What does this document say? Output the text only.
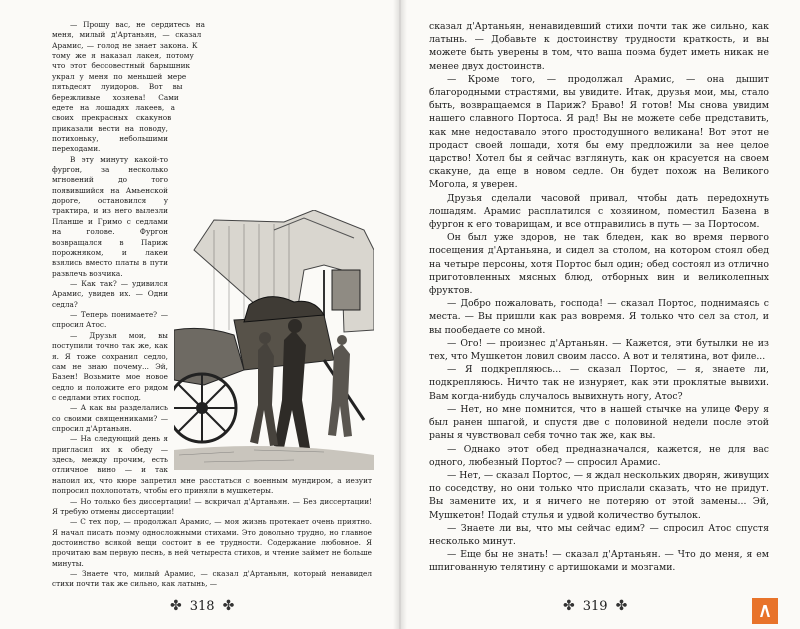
— Прошу вас, не сердитесь на меня, милый д'Артаньян, — сказал Арамис, — голод не знает закона. К тому же я наказал лакея, потому что этот бессовестный барышник украл у меня по меньшей мере пятьдесят луидоров. Вот вы бережливые хозяева! Сами едете на лошадях лакеев, а своих прекрасных скакунов приказали вести на поводу, потихоньку, небольшими переходами.

В эту минуту какой-то фургон, за несколько мгновений до того появившийся на Амьенской дороге, остановился у трактира, и из него вылезли Планше и Гримо с седлами на голове. Фургон возвращался в Париж порожняком, и лакеи взялись вместо платы в пути развлечь возчика.

— Как так? — удивился Арамис, увидев их. — Одни седла?

— Теперь понимаете? — спросил Атос.

— Друзья мои, вы поступили точно так же, как я. Я тоже сохранил седло, сам не знаю почему... Эй, Базен! Возьмите мое новое седло и положите его рядом с седлами этих господ.

— А как вы разделались со своими священниками? — спросил д'Артаньян.

— На следующий день я пригласил их к обеду — здесь, между прочим, есть отличное вино — и так напоил их, что кюре запретил мне расстаться с военным мундиром, а иезуит попросил похлопотать, чтобы его приняли в мушкетеры.

— Но только без диссертации! — вскричал д'Артаньян. — Без диссертации! Я требую отмены диссертации!

— С тех пор, — продолжал Арамис, — моя жизнь протекает очень приятно. Я начал писать поэму односложными стихами. Это довольно трудно, но главное достоинство всякой вещи состоит в ее трудности. Содержание любовное. Я прочитаю вам первую песнь, в ней четыреста стихов, и чтение займет не больше минуты.

— Знаете что, милый Арамис, — сказал д'Артаньян, который ненавидел стихи почти так же сильно, как латынь, —

✤ 318 ✤

сказал д'Артаньян, ненавидевший стихи почти так же сильно, как латынь. — Добавьте к достоинству трудности краткость, и вы можете быть уверены в том, что ваша поэма будет иметь никак не менее двух достоинств.

— Кроме того, — продолжал Арамис, — она дышит благородными страстями, вы увидите. Итак, друзья мои, мы, стало быть, возвращаемся в Париж? Браво! Я готов! Мы снова увидим нашего славного Портоса. Я рад! Вы не можете себе представить, как мне недоставало этого простодушного великана! Вот этот не продаст своей лошади, хотя бы ему предложили за нее целое царство! Хотел бы я сейчас взглянуть, как он красуется на своем скакуне, да еще в новом седле. Он будет похож на Великого Могола, я уверен.

Друзья сделали часовой привал, чтобы дать передохнуть лошадям. Арамис расплатился с хозяином, поместил Базена в фургон к его товарищам, и все отправились в путь — за Портосом.

Он был уже здоров, не так бледен, как во время первого посещения д'Артаньяна, и сидел за столом, на котором стоял обед на четыре персоны, хотя Портос был один; обед состоял из отлично приготовленных мясных блюд, отборных вин и великолепных фруктов.

— Добро пожаловать, господа! — сказал Портос, поднимаясь с места. — Вы пришли как раз вовремя. Я только что сел за стол, и вы пообедаете со мной.

— Ого! — произнес д'Артаньян. — Кажется, эти бутылки не из тех, что Мушкетон ловил своим лассо. А вот и телятина, вот филе...

— Я подкрепляюсь... — сказал Портос, — я, знаете ли, подкрепляюсь. Ничто так не изнуряет, как эти проклятые вывихи. Вам когда-нибудь случалось вывихнуть ногу, Атос?

— Нет, но мне помнится, что в нашей стычке на улице Феру я был ранен шпагой, и спустя две с половиной недели после этой раны я чувствовал себя точно так же, как вы.

— Однако этот обед предназначался, кажется, не для вас одного, любезный Портос? — спросил Арамис.

— Нет, — сказал Портос, — я ждал нескольких дворян, живущих по соседству, но они только что прислали сказать, что не придут. Вы замените их, и я ничего не потеряю от этой замены... Эй, Мушкетон! Подай стулья и удвой количество бутылок.

— Знаете ли вы, что мы сейчас едим? — спросил Атос спустя несколько минут.

— Еще бы не знать! — сказал д'Артаньян. — Что до меня, я ем шпигованную телятину с артишоками и мозгами.

✤ 319 ✤
